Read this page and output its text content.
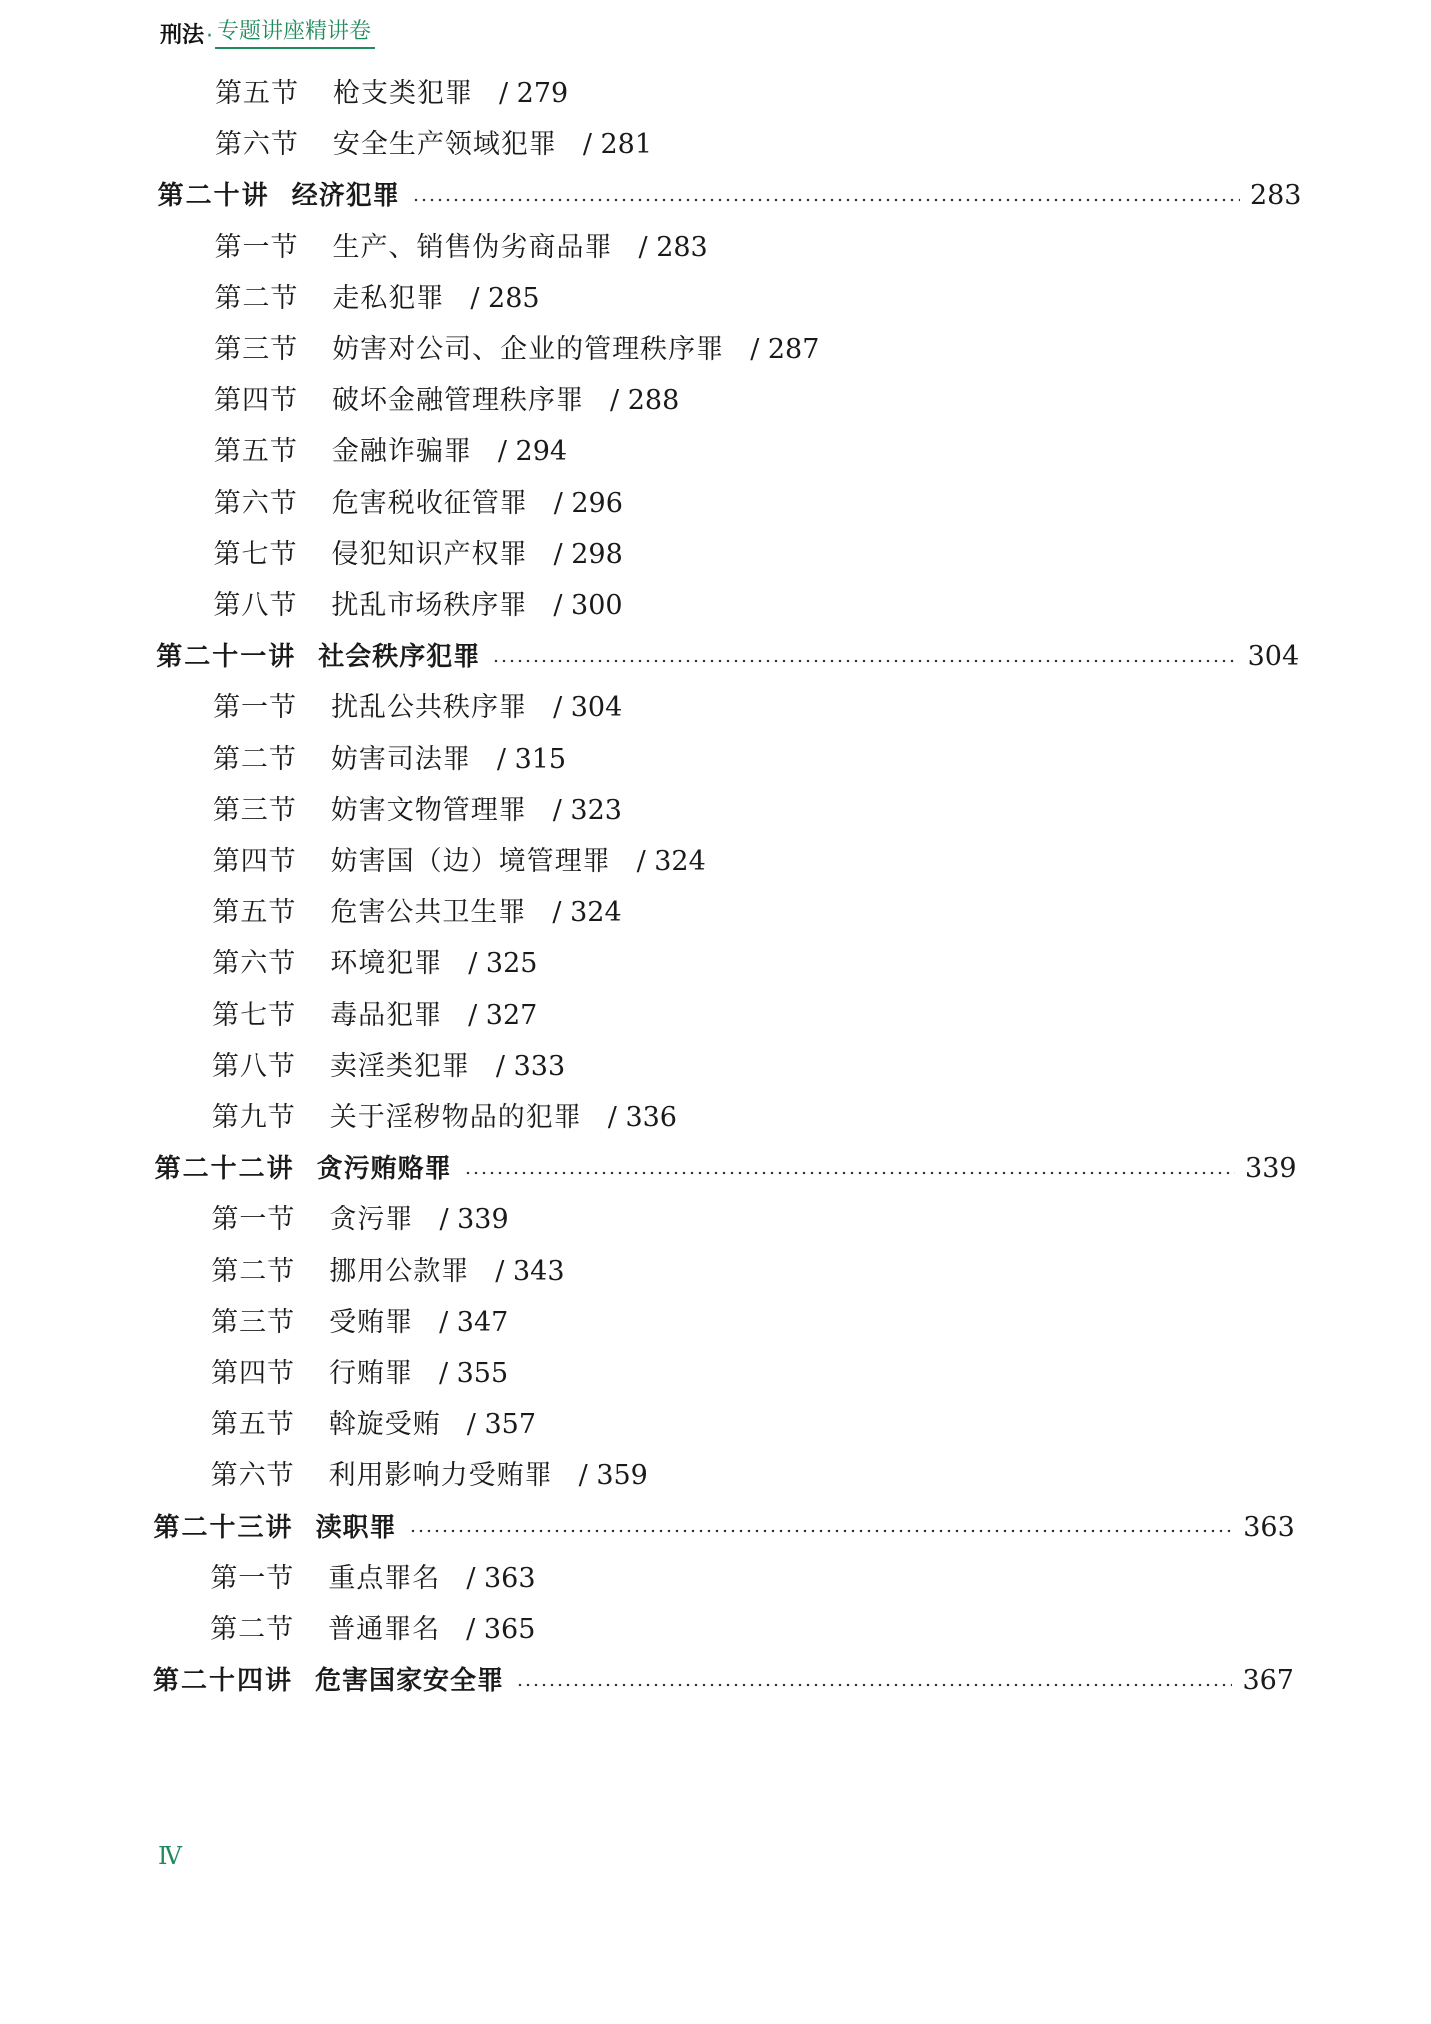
刑法 · 专题讲座精讲卷
第五节	枪支类犯罪 / 279
第六节	安全生产领域犯罪 / 281
第二十讲 经济犯罪	283
第一节	生产、销售伪劣商品罪 / 283
第二节	走私犯罪 / 285
第三节	妨害对公司、企业的管理秩序罪 / 287
第四节	破坏金融管理秩序罪 / 288
第五节	金融诈骗罪 / 294
第六节	危害税收征管罪 / 296
第七节	侵犯知识产权罪 / 298
第八节	扰乱市场秩序罪 / 300
第二十一讲 社会秩序犯罪	304
第一节	扰乱公共秩序罪 / 304
第二节	妨害司法罪 / 315
第三节	妨害文物管理罪 / 323
第四节	妨害国（边）境管理罪 / 324
第五节	危害公共卫生罪 / 324
第六节	环境犯罪 / 325
第七节	毒品犯罪 / 327
第八节	卖淫类犯罪 / 333
第九节	关于淫秽物品的犯罪 / 336
第二十二讲 贪污贿赂罪	339
第一节	贪污罪 / 339
第二节	挪用公款罪 / 343
第三节	受贿罪 / 347
第四节	行贿罪 / 355
第五节	斡旋受贿 / 357
第六节	利用影响力受贿罪 / 359
第二十三讲 渎职罪	363
第一节	重点罪名 / 363
第二节	普通罪名 / 365
第二十四讲 危害国家安全罪	367
Ⅳ
